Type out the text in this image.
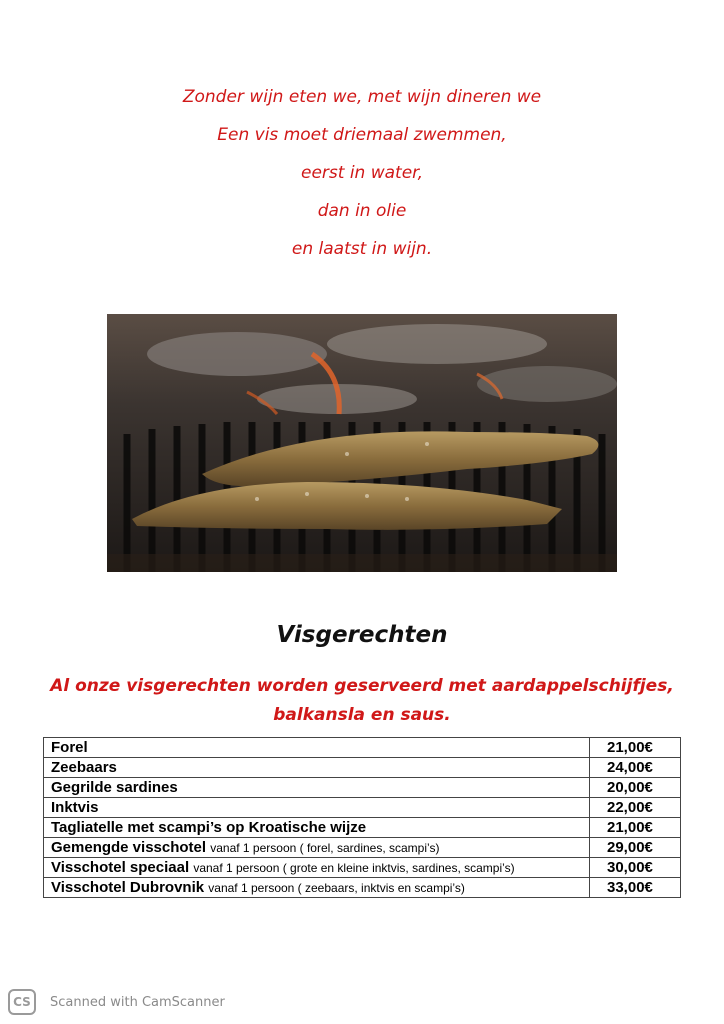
Zonder wijn eten we, met wijn dineren we
Een vis moet driemaal zwemmen,
eerst in water,
dan in olie
en laatst in wijn.
Visgerechten
Al onze visgerechten worden geserveerd met aardappelschijfjes,
balkansla en saus.
Forel	21,00€
Zeebaars	24,00€
Gegrilde sardines	20,00€
Inktvis	22,00€
Tagliatelle met scampi’s op Kroatische wijze	21,00€
Gemengde visschotel vanaf 1 persoon ( forel, sardines, scampi’s)	29,00€
Visschotel speciaal vanaf 1 persoon ( grote en kleine inktvis, sardines, scampi’s)	30,00€
Visschotel Dubrovnik vanaf 1 persoon ( zeebaars, inktvis en scampi’s)	33,00€
CS	Scanned with CamScanner
